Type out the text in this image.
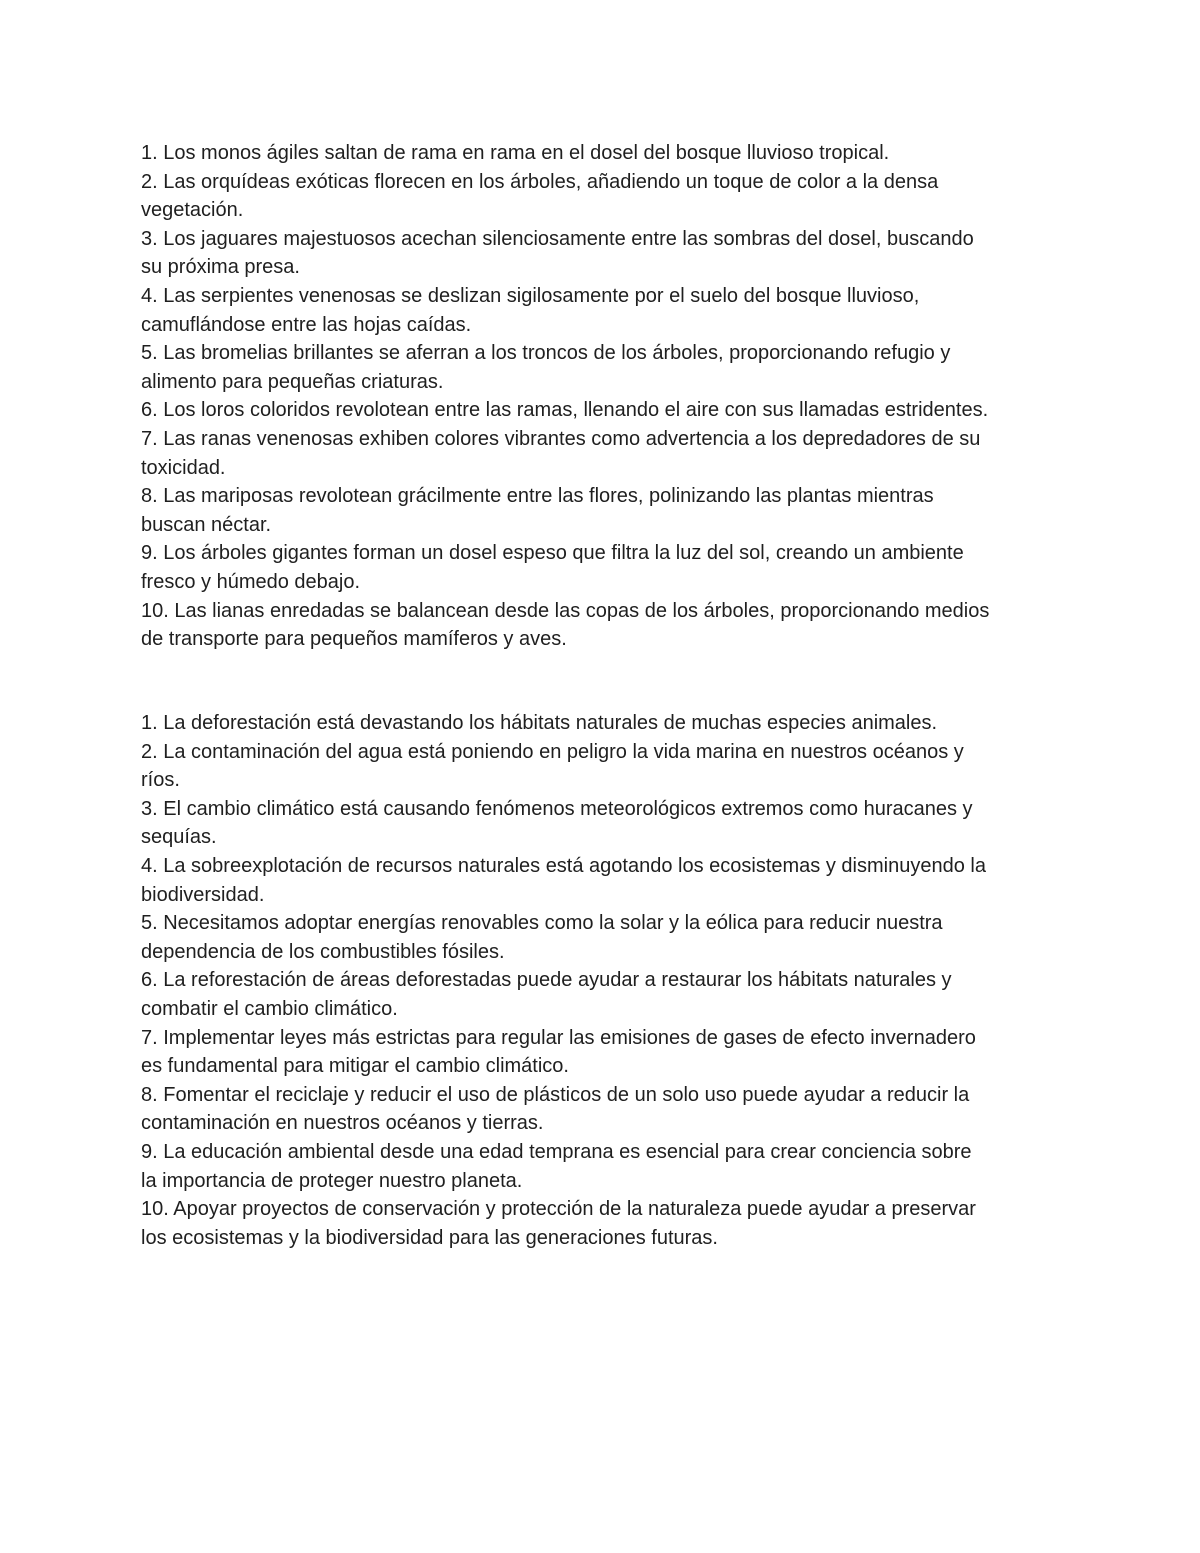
1. Los monos ágiles saltan de rama en rama en el dosel del bosque lluvioso tropical.
2. Las orquídeas exóticas florecen en los árboles, añadiendo un toque de color a la densa
vegetación.
3. Los jaguares majestuosos acechan silenciosamente entre las sombras del dosel, buscando
su próxima presa.
4. Las serpientes venenosas se deslizan sigilosamente por el suelo del bosque lluvioso,
camuflándose entre las hojas caídas.
5. Las bromelias brillantes se aferran a los troncos de los árboles, proporcionando refugio y
alimento para pequeñas criaturas.
6. Los loros coloridos revolotean entre las ramas, llenando el aire con sus llamadas estridentes.
7. Las ranas venenosas exhiben colores vibrantes como advertencia a los depredadores de su
toxicidad.
8. Las mariposas revolotean grácilmente entre las flores, polinizando las plantas mientras
buscan néctar.
9. Los árboles gigantes forman un dosel espeso que filtra la luz del sol, creando un ambiente
fresco y húmedo debajo.
10. Las lianas enredadas se balancean desde las copas de los árboles, proporcionando medios
de transporte para pequeños mamíferos y aves.
1. La deforestación está devastando los hábitats naturales de muchas especies animales.
2. La contaminación del agua está poniendo en peligro la vida marina en nuestros océanos y
ríos.
3. El cambio climático está causando fenómenos meteorológicos extremos como huracanes y
sequías.
4. La sobreexplotación de recursos naturales está agotando los ecosistemas y disminuyendo la
biodiversidad.
5. Necesitamos adoptar energías renovables como la solar y la eólica para reducir nuestra
dependencia de los combustibles fósiles.
6. La reforestación de áreas deforestadas puede ayudar a restaurar los hábitats naturales y
combatir el cambio climático.
7. Implementar leyes más estrictas para regular las emisiones de gases de efecto invernadero
es fundamental para mitigar el cambio climático.
8. Fomentar el reciclaje y reducir el uso de plásticos de un solo uso puede ayudar a reducir la
contaminación en nuestros océanos y tierras.
9. La educación ambiental desde una edad temprana es esencial para crear conciencia sobre
la importancia de proteger nuestro planeta.
10. Apoyar proyectos de conservación y protección de la naturaleza puede ayudar a preservar
los ecosistemas y la biodiversidad para las generaciones futuras.
